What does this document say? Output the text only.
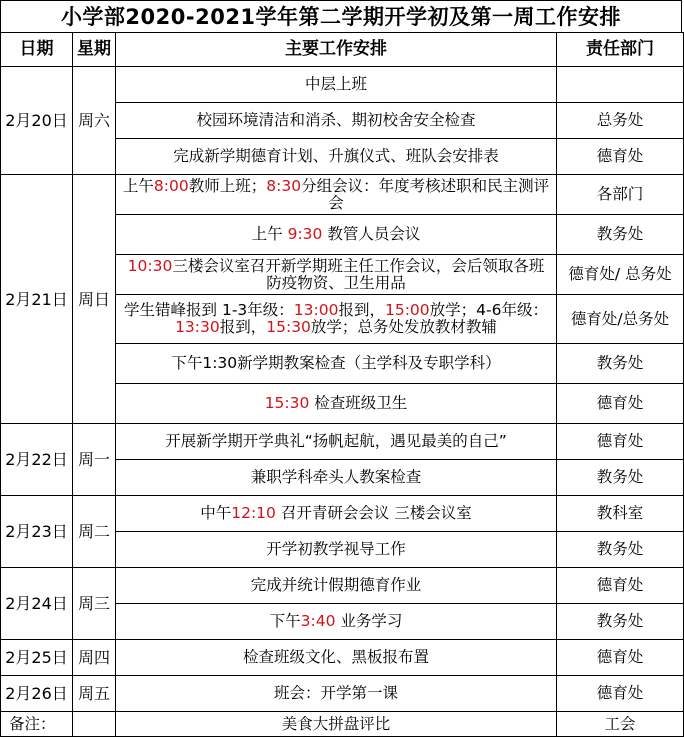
小学部2020-2021学年第二学期开学初及第一周工作安排
日期	星期	主要工作安排	责任部门
2月20日	周六	中层上班	
		校园环境清洁和消杀、期初校舍安全检查	总务处
		完成新学期德育计划、升旗仪式、班队会安排表	德育处
2月21日	周日	上午8:00教师上班；8:30分组会议：年度考核述职和民主测评会	各部门
		上午 9:30 教管人员会议	教务处
		10:30三楼会议室召开新学期班主任工作会议，会后领取各班防疫物资、卫生用品	德育处/ 总务处
		学生错峰报到 1-3年级：13:00报到，15:00放学；4-6年级：13:30报到，15:30放学；总务处发放教材教辅	德育处/总务处
		下午1:30新学期教案检查（主学科及专职学科）	教务处
		15:30 检查班级卫生	德育处
2月22日	周一	开展新学期开学典礼“扬帆起航，遇见最美的自己”	德育处
		兼职学科牵头人教案检查	教务处
2月23日	周二	中午12:10 召开青研会会议 三楼会议室	教科室
		开学初教学视导工作	教务处
2月24日	周三	完成并统计假期德育作业	德育处
		下午3:40 业务学习	教务处
2月25日	周四	检查班级文化、黑板报布置	德育处
2月26日	周五	班会：开学第一课	德育处
备注：		美食大拼盘评比	工会
